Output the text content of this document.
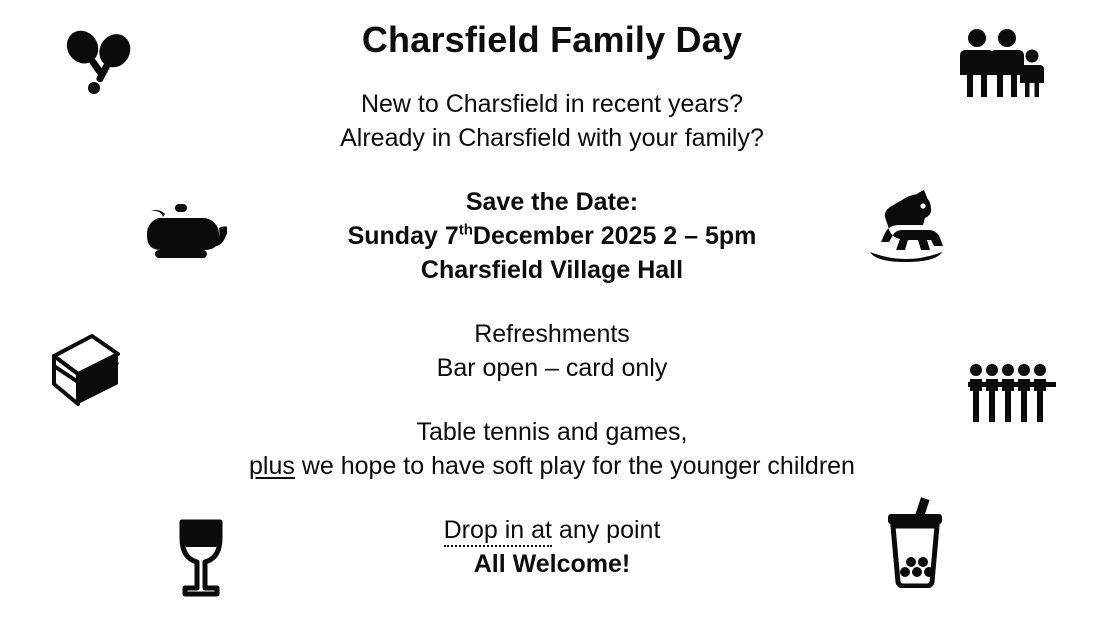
Charsfield Family Day
New to Charsfield in recent years?
Already in Charsfield with your family?
Save the Date:
Sunday 7thDecember 2025 2 – 5pm
Charsfield Village Hall
Refreshments
Bar open – card only
Table tennis and games,
plus we hope to have soft play for the younger children
Drop in at any point
All Welcome!
